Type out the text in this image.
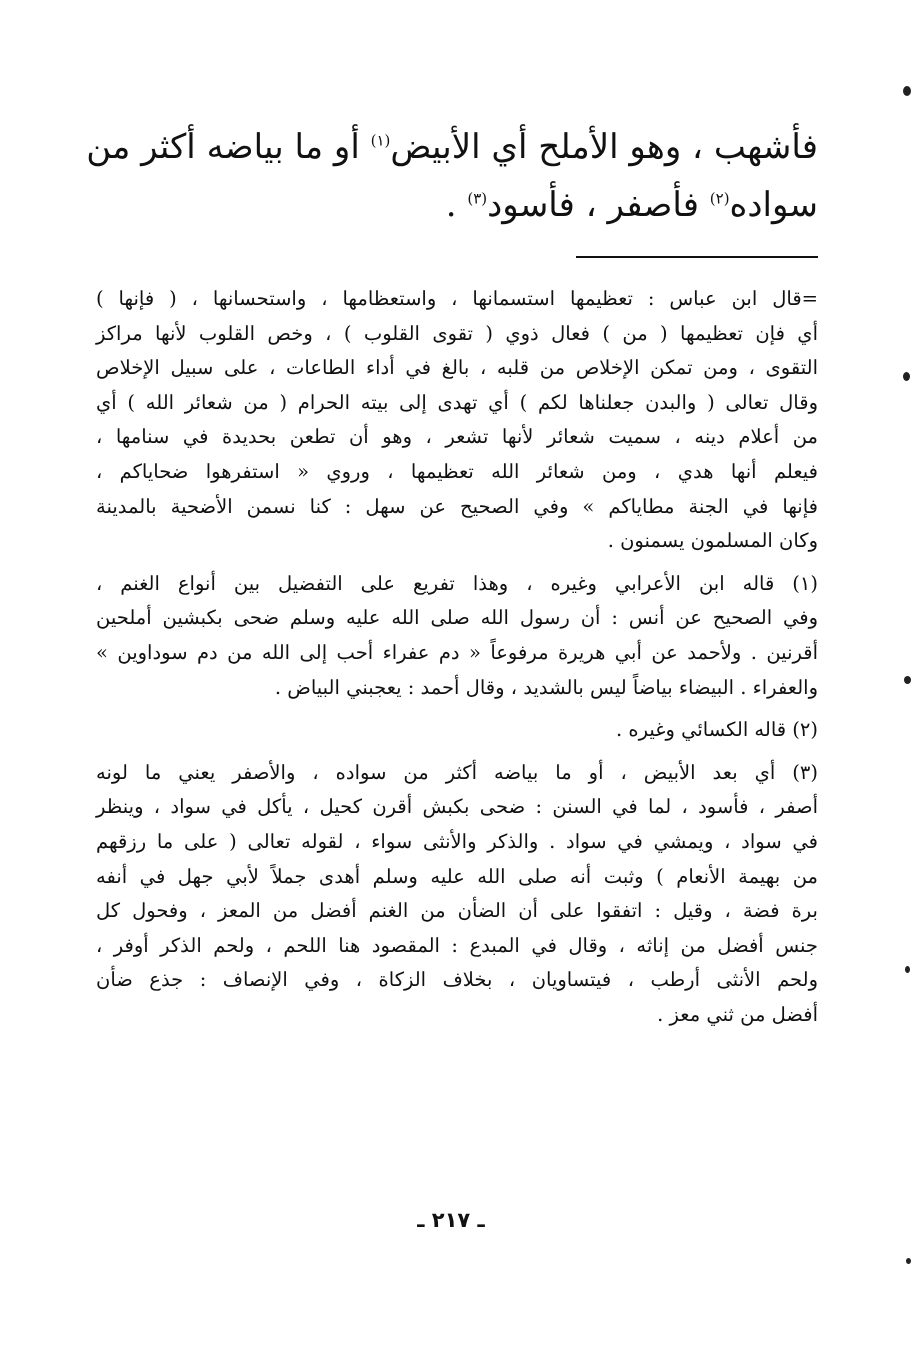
فأشهب ، وهو الأملح أي الأبيض$^{(١)}$ أو ما بياضه أكثر من
سواده$^{(٢)}$ فأصفر ، فأسود$^{(٣)}$ .
=قال ابن عباس : تعظيمها استسمانها ، واستعظامها ، واستحسانها ، ( فإنها )
أي فإن تعظيمها ( من ) فعال ذوي ( تقوى القلوب ) ، وخص القلوب لأنها مراكز
التقوى ، ومن تمكن الإخلاص من قلبه ، بالغ في أداء الطاعات ، على سبيل الإخلاص
وقال تعالى ( والبدن جعلناها لكم ) أي تهدى إلى بيته الحرام ( من شعائر الله ) أي
من أعلام دينه ، سميت شعائر لأنها تشعر ، وهو أن تطعن بحديدة في سنامها ،
فيعلم أنها هدي ، ومن شعائر الله تعظيمها ، وروي « استفرهوا ضحاياكم ،
فإنها في الجنة مطاياكم » وفي الصحيح عن سهل : كنا نسمن الأضحية بالمدينة
وكان المسلمون يسمنون .
(١) قاله ابن الأعرابي وغيره ، وهذا تفريع على التفضيل بين أنواع الغنم ،
وفي الصحيح عن أنس : أن رسول الله صلى الله عليه وسلم ضحى بكبشين أملحين
أقرنين . ولأحمد عن أبي هريرة مرفوعاً « دم عفراء أحب إلى الله من دم سوداوين »
والعفراء . البيضاء بياضاً ليس بالشديد ، وقال أحمد : يعجبني البياض .
(٢) قاله الكسائي وغيره .
(٣) أي بعد الأبيض ، أو ما بياضه أكثر من سواده ، والأصفر يعني ما لونه
أصفر ، فأسود ، لما في السنن : ضحى بكبش أقرن كحيل ، يأكل في سواد ، وينظر
في سواد ، ويمشي في سواد . والذكر والأنثى سواء ، لقوله تعالى ( على ما رزقهم
من بهيمة الأنعام ) وثبت أنه صلى الله عليه وسلم أهدى جملاً لأبي جهل في أنفه
برة فضة ، وقيل : اتفقوا على أن الضأن من الغنم أفضل من المعز ، وفحول كل
جنس أفضل من إناثه ، وقال في المبدع : المقصود هنا اللحم ، ولحم الذكر أوفر ،
ولحم الأنثى أرطب ، فيتساويان ، بخلاف الزكاة ، وفي الإنصاف : جذع ضأن
أفضل من ثني معز .
ـ ٢١٧ ـ
